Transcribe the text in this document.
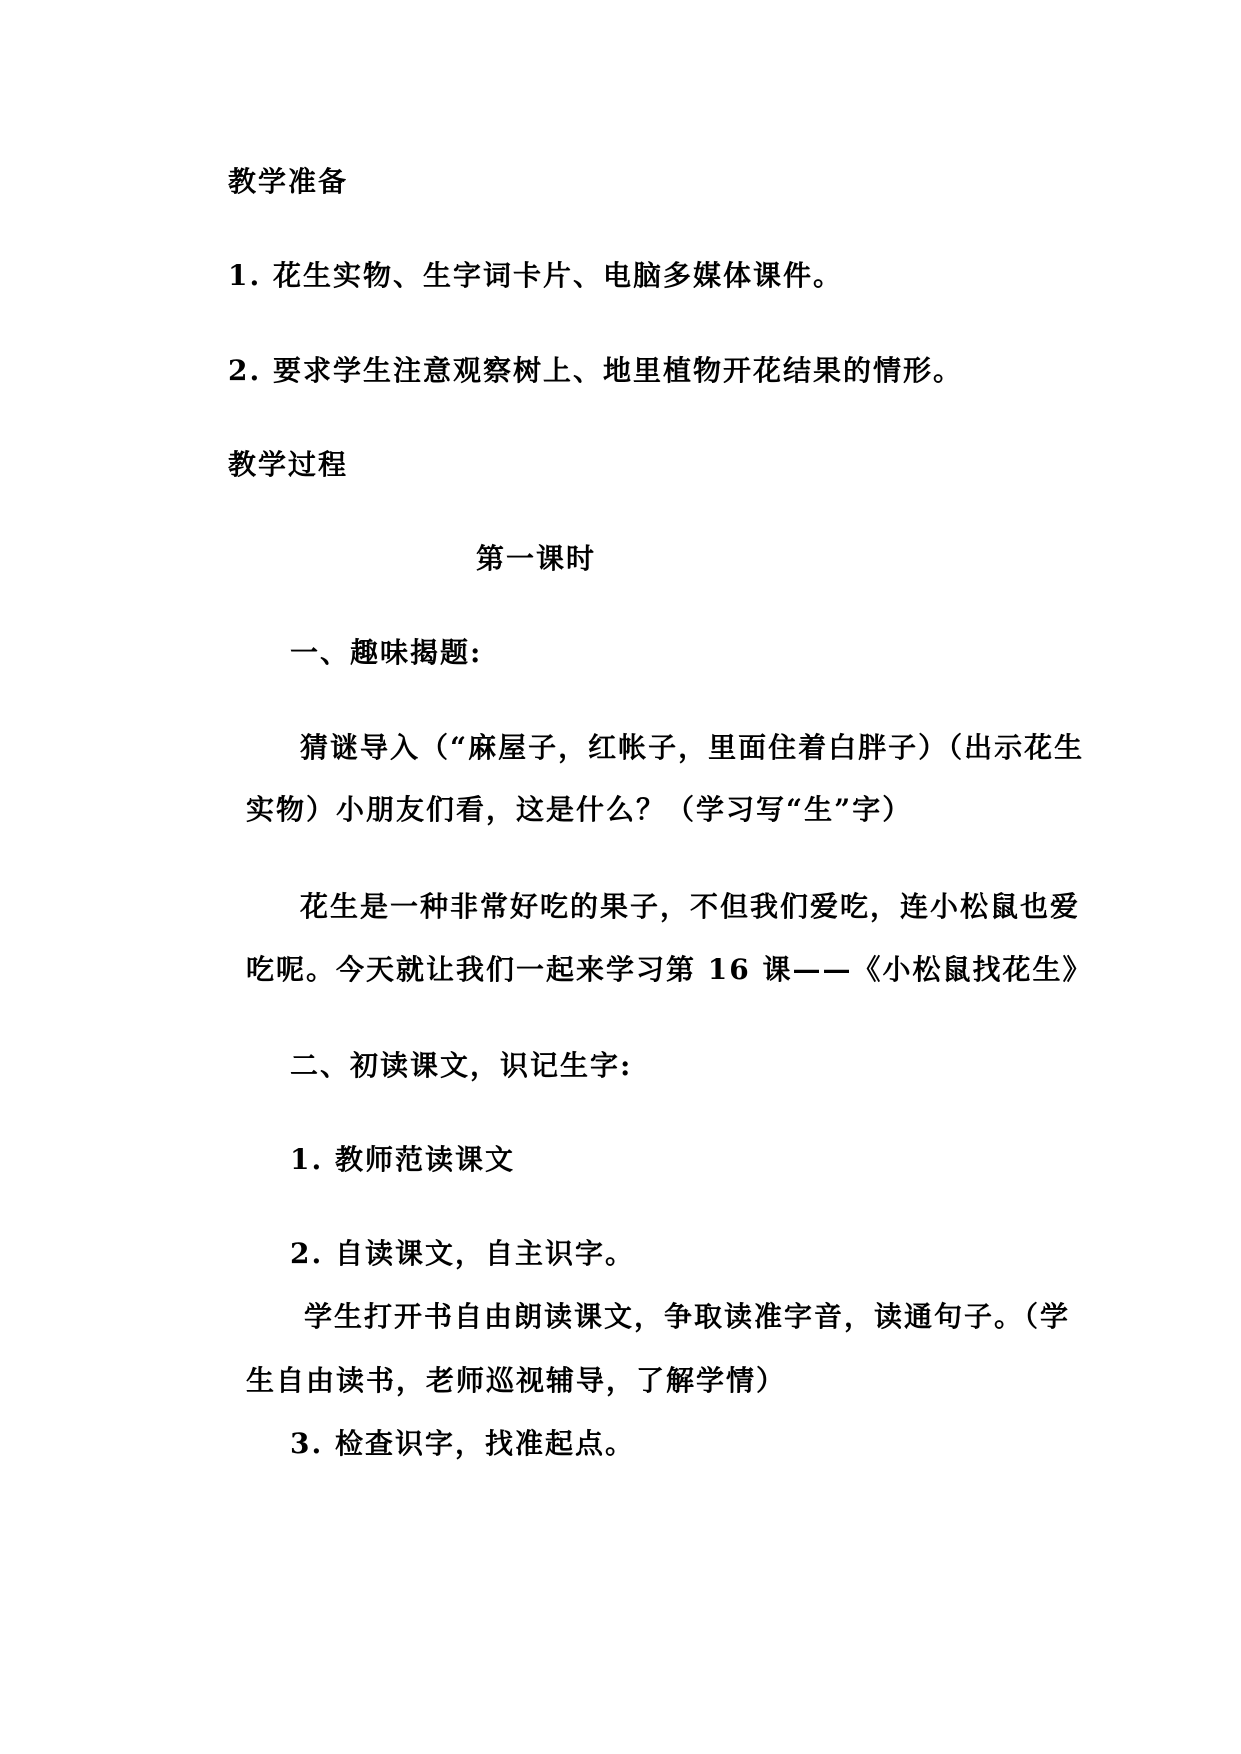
教学准备
1. 花生实物、生字词卡片、电脑多媒体课件。
2. 要求学生注意观察树上、地里植物开花结果的情形。
教学过程
第一课时
一、趣味揭题:
猜谜导入（“麻屋子，红帐子，里面住着白胖子）（出示花生
实物）小朋友们看，这是什么？（学习写“生”字）
花生是一种非常好吃的果子，不但我们爱吃，连小松鼠也爱
吃呢。今天就让我们一起来学习第 16 课——《小松鼠找花生》
二、初读课文，识记生字:
1. 教师范读课文
2. 自读课文，自主识字。
学生打开书自由朗读课文，争取读准字音，读通句子。（学
生自由读书，老师巡视辅导，了解学情）
3. 检查识字，找准起点。
